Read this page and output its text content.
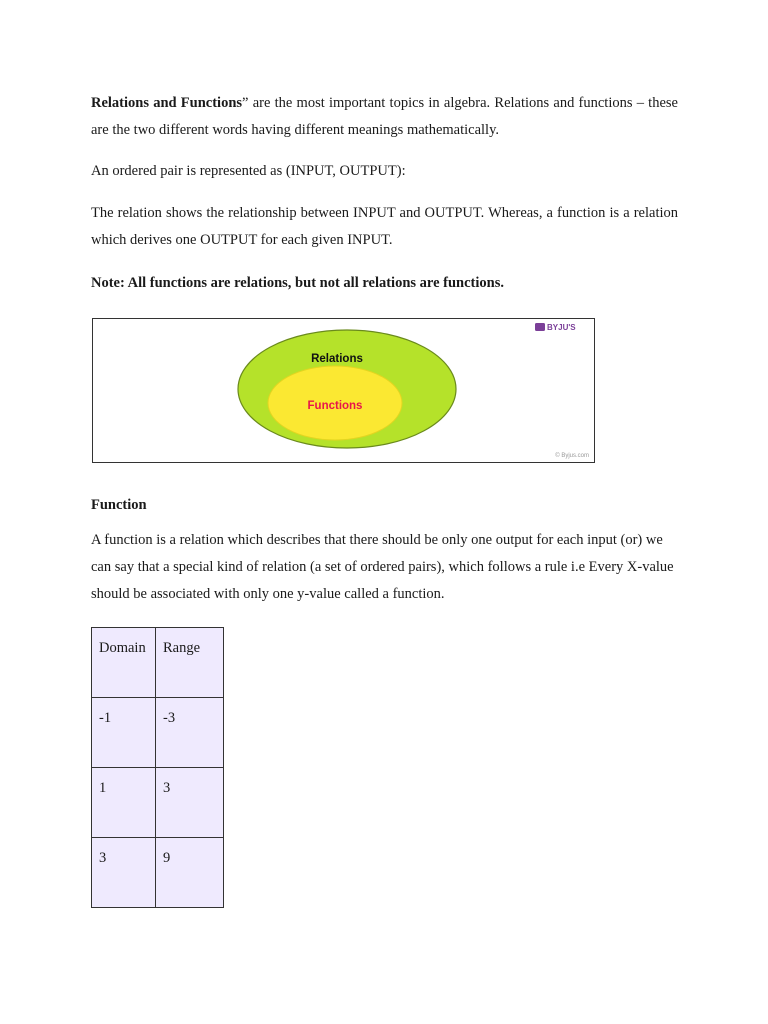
Relations and Functions” are the most important topics in algebra. Relations and functions – these are the two different words having different meanings mathematically.

An ordered pair is represented as (INPUT, OUTPUT):

The relation shows the relationship between INPUT and OUTPUT. Whereas, a function is a relation which derives one OUTPUT for each given INPUT.

Note: All functions are relations, but not all relations are functions.

BYJU'S
Relations
Functions
© Byjus.com

Function

A function is a relation which describes that there should be only one output for each input (or) we can say that a special kind of relation (a set of ordered pairs), which follows a rule i.e Every X-value should be associated with only one y-value called a function.

Domain	Range
-1	-3
1	3
3	9
